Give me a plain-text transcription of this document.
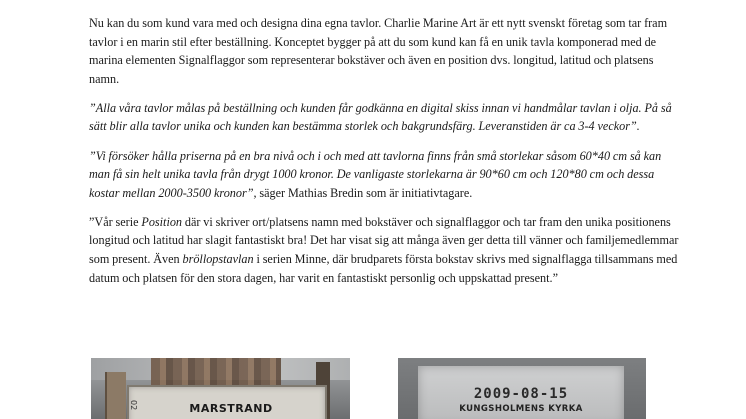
Nu kan du som kund vara med och designa dina egna tavlor. Charlie Marine Art är ett nytt svenskt företag som tar fram tavlor i en marin stil efter beställning. Konceptet bygger på att du som kund kan få en unik tavla komponerad med de marina elementen Signalflaggor som representerar bokstäver och även en position dvs. longitud, latitud och platsens namn.

”Alla våra tavlor målas på beställning och kunden får godkänna en digital skiss innan vi handmålar tavlan i olja. På så sätt blir alla tavlor unika och kunden kan bestämma storlek och bakgrundsfärg. Leveranstiden är ca 3-4 veckor”.

”Vi försöker hålla priserna på en bra nivå och i och med att tavlorna finns från små storlekar såsom 60*40 cm så kan man få sin helt unika tavla från drygt 1000 kronor. De vanligaste storlekarna är 90*60 cm och 120*80 cm och dessa kostar mellan 2000-3500 kronor”, säger Mathias Bredin som är initiativtagare.

”Vår serie Position där vi skriver ort/platsens namn med bokstäver och signalflaggor och tar fram den unika positionens longitud och latitud har slagit fantastiskt bra! Det har visat sig att många även ger detta till vänner och familjemedlemmar som present. Även bröllopstavlan i serien Minne, där brudparets första bokstav skrivs med signalflagga tillsammans med datum och platsen för den stora dagen, har varit en fantastiskt personlig och uppskattad present.”

02	MARSTRAND
2009-08-15
KUNGSHOLMENS KYRKA
